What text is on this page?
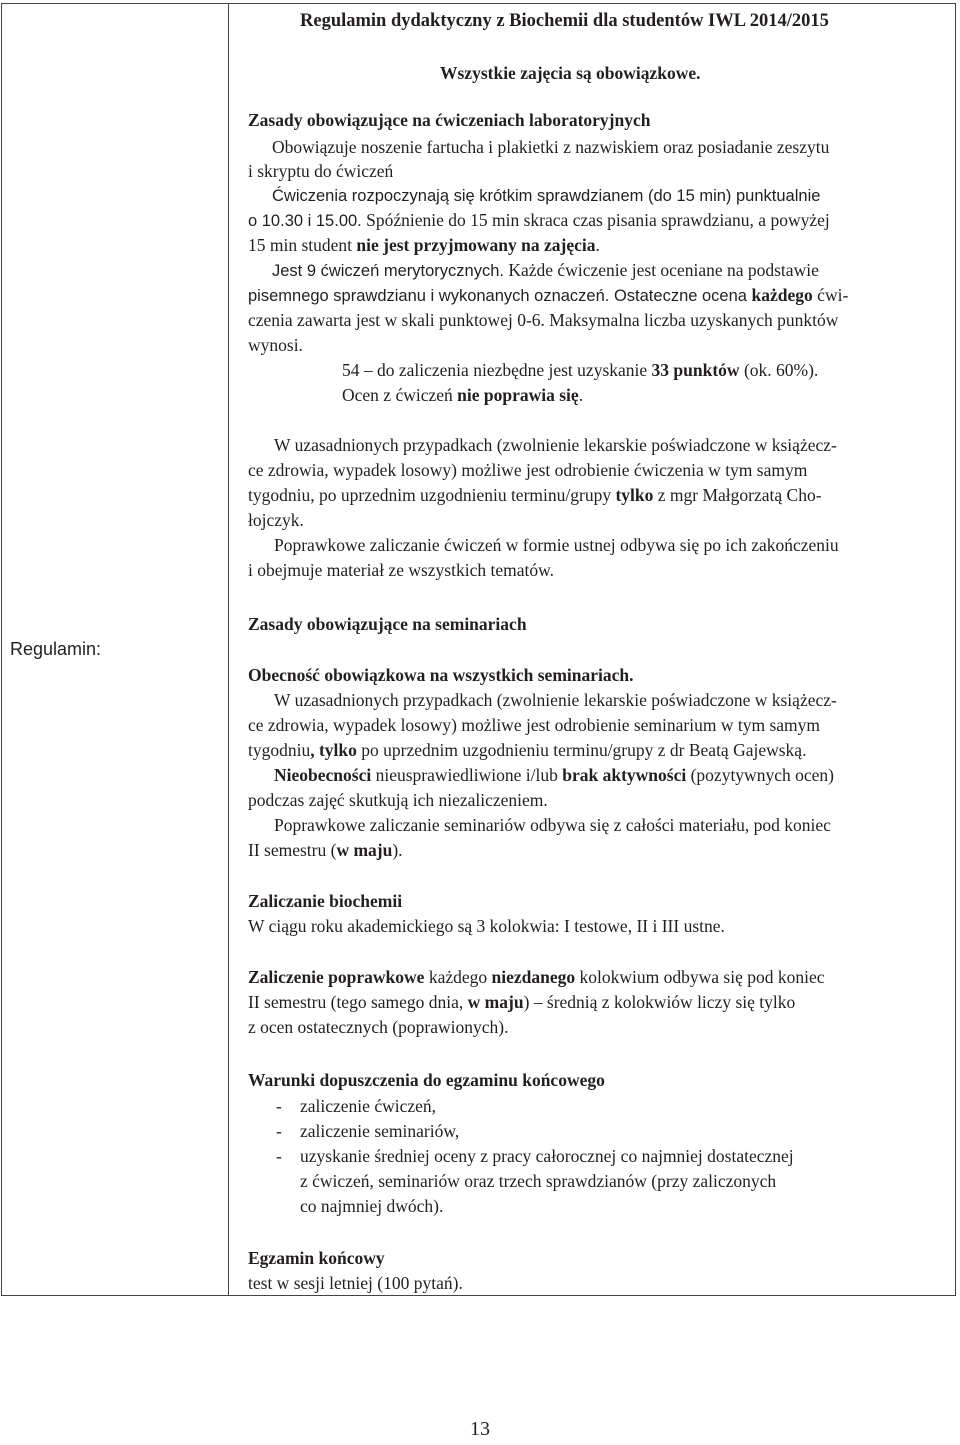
Regulamin:
Regulamin dydaktyczny z Biochemii dla studentów IWL 2014/2015
Wszystkie zajęcia są obowiązkowe.
Zasady obowiązujące na ćwiczeniach laboratoryjnych
Obowiązuje noszenie fartucha i plakietki z nazwiskiem oraz posiadanie zeszytu
i skryptu do ćwiczeń
Ćwiczenia rozpoczynają się krótkim sprawdzianem (do 15 min) punktualnie
o 10.30 i 15.00. Spóźnienie do 15 min skraca czas pisania sprawdzianu, a powyżej
15 min student nie jest przyjmowany na zajęcia.
Jest 9 ćwiczeń merytorycznych. Każde ćwiczenie jest oceniane na podstawie
pisemnego sprawdzianu i wykonanych oznaczeń. Ostateczne ocena każdego ćwi-
czenia zawarta jest w skali punktowej 0-6. Maksymalna liczba uzyskanych punktów
wynosi.
54 – do zaliczenia niezbędne jest uzyskanie 33 punktów (ok. 60%).
Ocen z ćwiczeń nie poprawia się.
W uzasadnionych przypadkach (zwolnienie lekarskie poświadczone w książecz-
ce zdrowia, wypadek losowy) możliwe jest odrobienie ćwiczenia w tym samym
tygodniu, po uprzednim uzgodnieniu terminu/grupy tylko z mgr Małgorzatą Cho-
łojczyk.
Poprawkowe zaliczanie ćwiczeń w formie ustnej odbywa się po ich zakończeniu
i obejmuje materiał ze wszystkich tematów.
Zasady obowiązujące na seminariach
Obecność obowiązkowa na wszystkich seminariach.
W uzasadnionych przypadkach (zwolnienie lekarskie poświadczone w książecz-
ce zdrowia, wypadek losowy) możliwe jest odrobienie seminarium w tym samym
tygodniu, tylko po uprzednim uzgodnieniu terminu/grupy z dr Beatą Gajewską.
Nieobecności nieusprawiedliwione i/lub brak aktywności (pozytywnych ocen)
podczas zajęć skutkują ich niezaliczeniem.
Poprawkowe zaliczanie seminariów odbywa się z całości materiału, pod koniec
II semestru (w maju).
Zaliczanie biochemii
W ciągu roku akademickiego są 3 kolokwia: I testowe, II i III ustne.
Zaliczenie poprawkowe każdego niezdanego kolokwium odbywa się pod koniec
II semestru (tego samego dnia, w maju) – średnią z kolokwiów liczy się tylko
z ocen ostatecznych (poprawionych).
Warunki dopuszczenia do egzaminu końcowego
- zaliczenie ćwiczeń,
- zaliczenie seminariów,
- uzyskanie średniej oceny z pracy całorocznej co najmniej dostatecznej
z ćwiczeń, seminariów oraz trzech sprawdzianów (przy zaliczonych
co najmniej dwóch).
Egzamin końcowy
test w sesji letniej (100 pytań).
13
